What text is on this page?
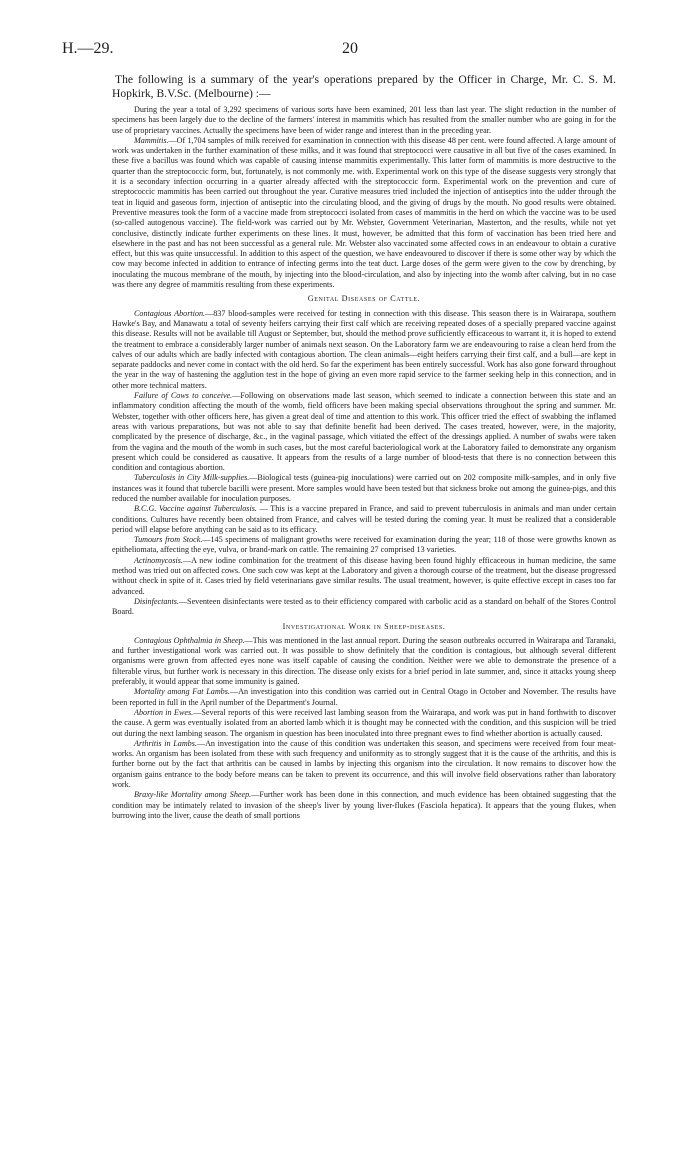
H.—29.	20
The following is a summary of the year's operations prepared by the Officer in Charge, Mr. C. S. M. Hopkirk, B.V.Sc. (Melbourne) :—

During the year a total of 3,292 specimens of various sorts have been examined, 201 less than last year. The slight reduction in the number of specimens has been largely due to the decline of the farmers' interest in mammitis which has resulted from the smaller number who are going in for the use of proprietary vaccines. Actually the specimens have been of wider range and interest than in the preceding year.

Mammitis.—Of 1,704 samples of milk received for examination in connection with this disease 48 per cent. were found affected. A large amount of work was undertaken in the further examination of these milks, and it was found that streptococci were causative in all but five of the cases examined. In these five a bacillus was found which was capable of causing intense mammitis experimentally. This latter form of mammitis is more destructive to the quarter than the streptococcic form, but, fortunately, is not commonly me. with. Experimental work on this type of the disease suggests very strongly that it is a secondary infection occurring in a quarter already affected with the streptococcic form. Experimental work on the prevention and cure of streptococcic mammitis has been carried out throughout the year. Curative measures tried included the injection of antiseptics into the udder through the teat in liquid and gaseous form, injection of antiseptic into the circulating blood, and the giving of drugs by the mouth. No good results were obtained. Preventive measures took the form of a vaccine made from streptococci isolated from cases of mammitis in the herd on which the vaccine was to be used (so-called autogenous vaccine). The field-work was carried out by Mr. Webster, Government Veterinarian, Masterton, and the results, while not yet conclusive, distinctly indicate further experiments on these lines. It must, however, be admitted that this form of vaccination has been tried here and elsewhere in the past and has not been successful as a general rule. Mr. Webster also vaccinated some affected cows in an endeavour to obtain a curative effect, but this was quite unsuccessful. In addition to this aspect of the question, we have endeavoured to discover if there is some other way by which the cow may become infected in addition to entrance of infecting germs into the teat duct. Large doses of the germ were given to the cow by drenching, by inoculating the mucous membrane of the mouth, by injecting into the blood-circulation, and also by injecting into the womb after calving, but in no case was there any degree of mammitis resulting from these experiments.

Genital Diseases of Cattle.

Contagious Abortion.—837 blood-samples were received for testing in connection with this disease. This season there is in Wairarapa, southern Hawke's Bay, and Manawatu a total of seventy heifers carrying their first calf which are receiving repeated doses of a specially prepared vaccine against this disease. Results will not be available till August or September, but, should the method prove sufficiently efficaceous to warrant it, it is hoped to extend the treatment to embrace a considerably larger number of animals next season. On the Laboratory farm we are endeavouring to raise a clean herd from the calves of our adults which are badly infected with contagious abortion. The clean animals—eight heifers carrying their first calf, and a bull—are kept in separate paddocks and never come in contact with the old herd. So far the experiment has been entirely successful. Work has also gone forward throughout the year in the way of hastening the agglution test in the hope of giving an even more rapid service to the farmer seeking help in this connection, and in other more technical matters.

Failure of Cows to conceive.—Following on observations made last season, which seemed to indicate a connection between this state and an inflammatory condition affecting the mouth of the womb, field officers have been making special observations throughout the spring and summer. Mr. Webster, together with other officers here, has given a great deal of time and attention to this work. This officer tried the effect of swabbing the inflamed areas with various preparations, but was not able to say that definite benefit had been derived. The cases treated, however, were, in the majority, complicated by the presence of discharge, &c., in the vaginal passage, which vitiated the effect of the dressings applied. A number of swabs were taken from the vagina and the mouth of the womb in such cases, but the most careful bacteriological work at the Laboratory failed to demonstrate any organism present which could be considered as causative. It appears from the results of a large number of blood-tests that there is no connection between this condition and contagious abortion.

Tuberculosis in City Milk-supplies.—Biological tests (guinea-pig inoculations) were carried out on 202 composite milk-samples, and in only five instances was it found that tubercle bacilli were present. More samples would have been tested but that sickness broke out among the guinea-pigs, and this reduced the number available for inoculation purposes.

B.C.G. Vaccine against Tuberculosis. — This is a vaccine prepared in France, and said to prevent tuberculosis in animals and man under certain conditions. Cultures have recently been obtained from France, and calves will be tested during the coming year. It must be realized that a considerable period will elapse before anything can be said as to its efficacy.

Tumours from Stock.—145 specimens of malignant growths were received for examination during the year; 118 of those were growths known as epitheliomata, affecting the eye, vulva, or brand-mark on cattle. The remaining 27 comprised 13 varieties.

Actinomycosis.—A new iodine combination for the treatment of this disease having been found highly efficaceous in human medicine, the same method was tried out on affected cows. One such cow was kept at the Laboratory and given a thorough course of the treatment, but the disease progressed without check in spite of it. Cases tried by field veterinarians gave similar results. The usual treatment, however, is quite effective except in cases too far advanced.

Disinfectants.—Seventeen disinfectants were tested as to their efficiency compared with carbolic acid as a standard on behalf of the Stores Control Board.

Investigational Work in Sheep-diseases.

Contagious Ophthalmia in Sheep.—This was mentioned in the last annual report. During the season outbreaks occurred in Wairarapa and Taranaki, and further investigational work was carried out. It was possible to show definitely that the condition is contagious, but although several different organisms were grown from affected eyes none was itself capable of causing the condition. Neither were we able to demonstrate the presence of a filterable virus, but further work is necessary in this direction. The disease only exists for a brief period in late summer, and, since it attacks young sheep preferably, it would appear that some immunity is gained.

Mortality among Fat Lambs.—An investigation into this condition was carried out in Central Otago in October and November. The results have been reported in full in the April number of the Department's Journal.

Abortion in Ewes.—Several reports of this were received last lambing season from the Wairarapa, and work was put in hand forthwith to discover the cause. A germ was eventually isolated from an aborted lamb which it is thought may be connected with the condition, and this suspicion will be tried out during the next lambing season. The organism in question has been inoculated into three pregnant ewes to find whether abortion is actually caused.

Arthritis in Lambs.—An investigation into the cause of this condition was undertaken this season, and specimens were received from four meat-works. An organism has been isolated from these with such frequency and uniformity as to strongly suggest that it is the cause of the arthritis, and this is further borne out by the fact that arthritis can be caused in lambs by injecting this organism into the circulation. It now remains to discover how the organism gains entrance to the body before means can be taken to prevent its occurrence, and this will involve field observations rather than laboratory work.

Braxy-like Mortality among Sheep.—Further work has been done in this connection, and much evidence has been obtained suggesting that the condition may be intimately related to invasion of the sheep's liver by young liver-flukes (Fasciola hepatica). It appears that the young flukes, when burrowing into the liver, cause the death of small portions
